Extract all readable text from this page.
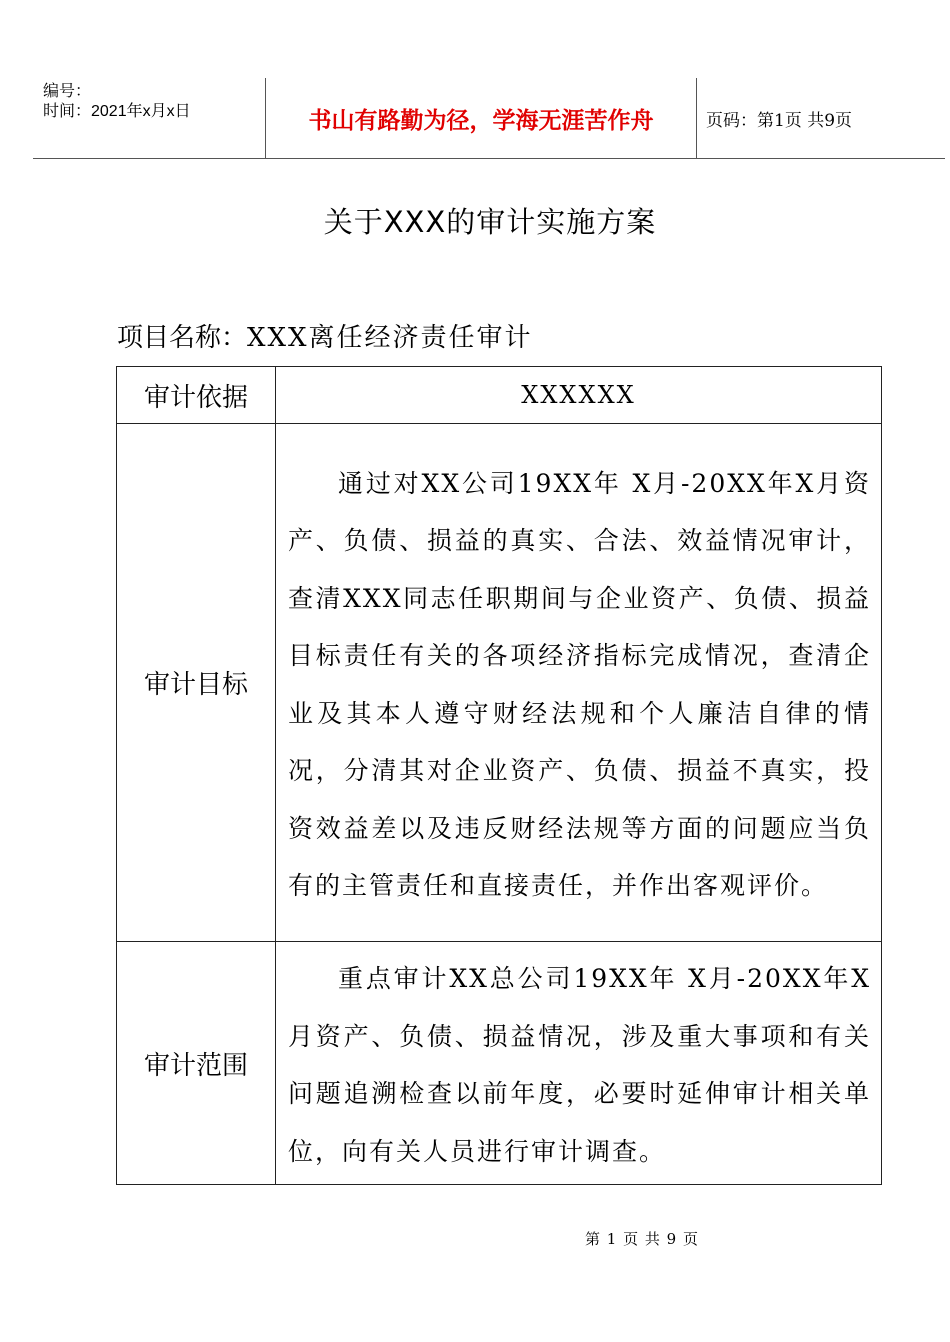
编号：
时间：2021年x月x日	书山有路勤为径，学海无涯苦作舟	页码：第1页 共9页
关于XXX的审计实施方案
项目名称：XXX离任经济责任审计
审计依据	XXXXXX
审计目标	通过对XX公司19XX年 X月-20XX年X月资产、负债、损益的真实、合法、效益情况审计，查清XXX同志任职期间与企业资产、负债、损益目标责任有关的各项经济指标完成情况，查清企业及其本人遵守财经法规和个人廉洁自律的情况，分清其对企业资产、负债、损益不真实，投资效益差以及违反财经法规等方面的问题应当负有的主管责任和直接责任，并作出客观评价。

审计范围	重点审计XX总公司19XX年 X月-20XX年X月资产、负债、损益情况，涉及重大事项和有关问题追溯检查以前年度，必要时延伸审计相关单位，向有关人员进行审计调查。

第 1 页 共 9 页
